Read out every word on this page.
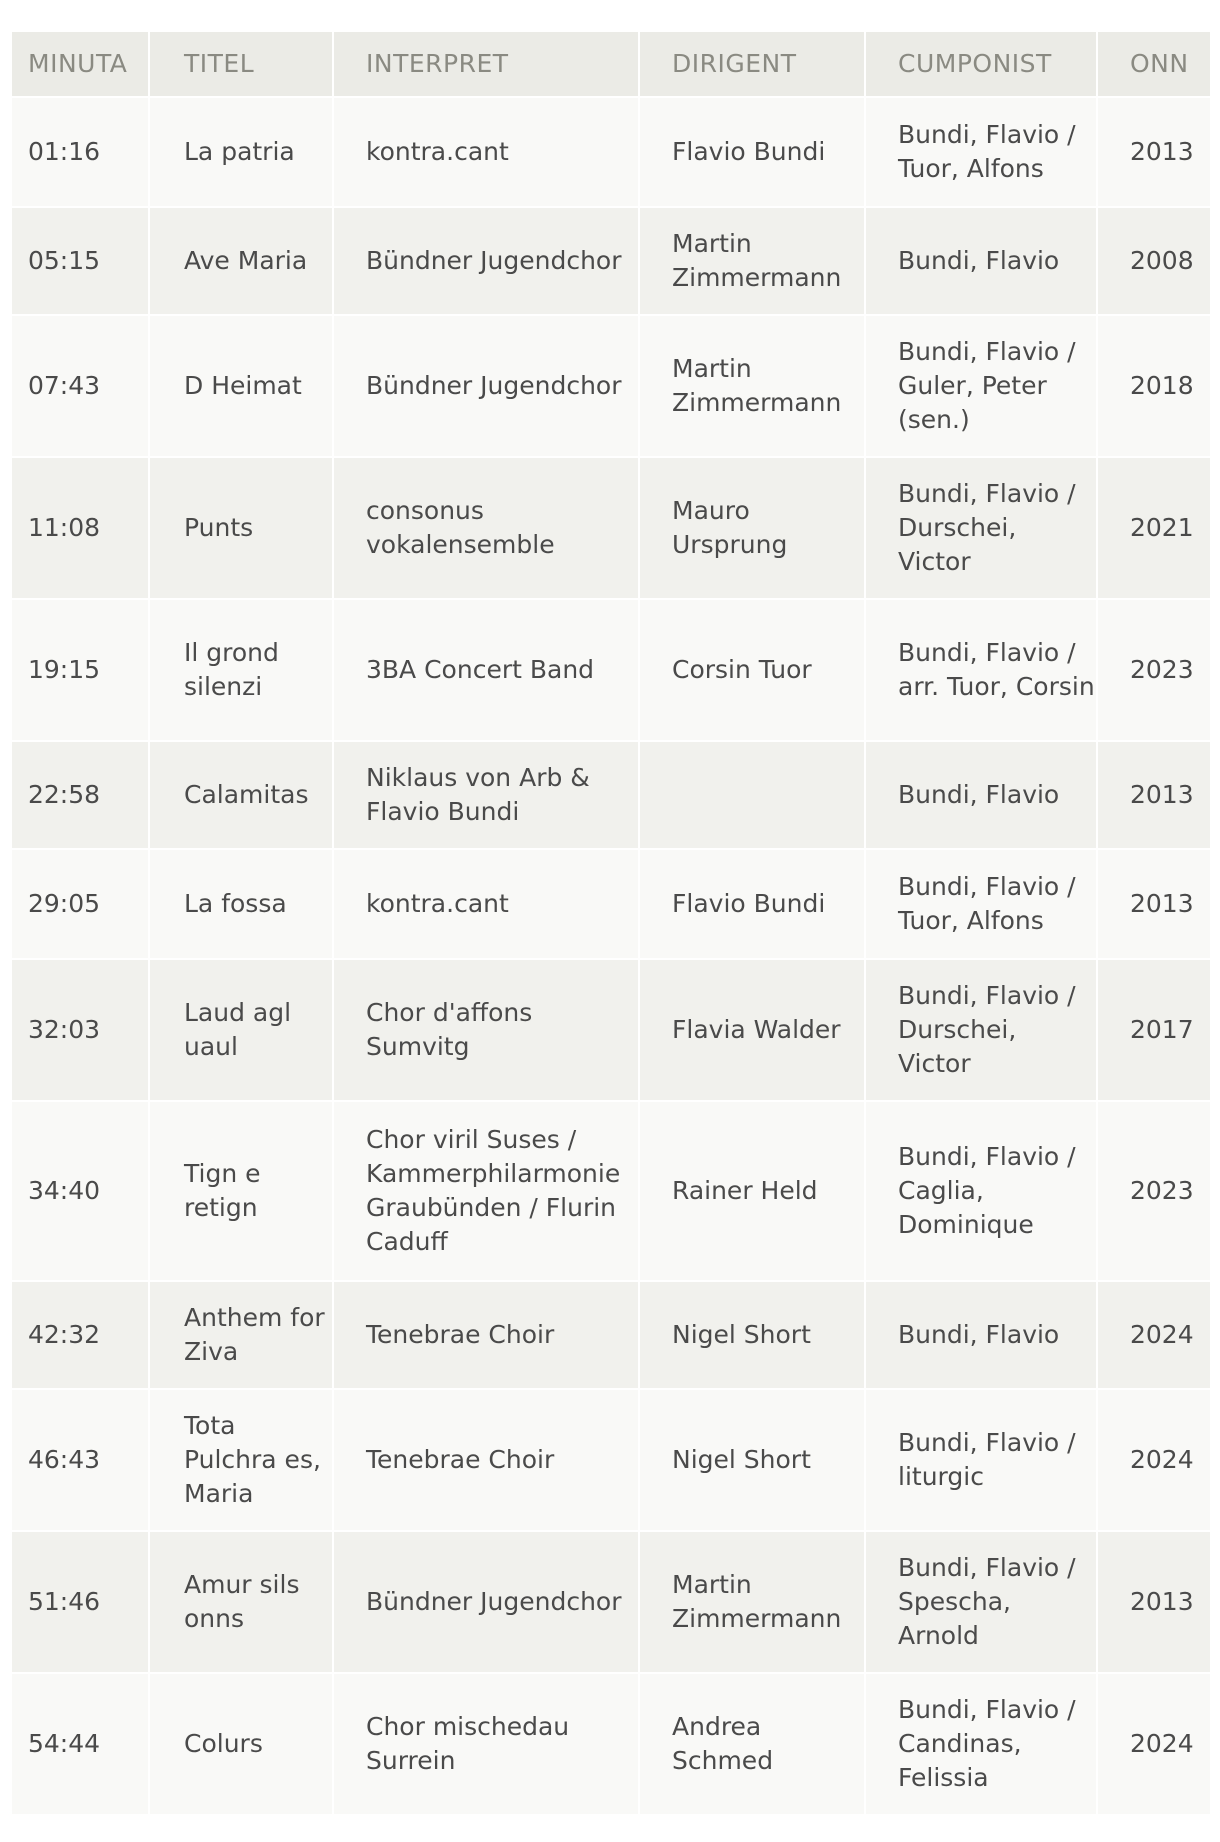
MINUTA	TITEL	INTERPRET	DIRIGENT	CUMPONIST	ONN
01:16	La patria	kontra.cant	Flavio Bundi	Bundi, Flavio / Tuor, Alfons	2013
05:15	Ave Maria	Bündner Jugendchor	Martin Zimmermann	Bundi, Flavio	2008
07:43	D Heimat	Bündner Jugendchor	Martin Zimmermann	Bundi, Flavio / Guler, Peter (sen.)	2018
11:08	Punts	consonus vokalensemble	Mauro Ursprung	Bundi, Flavio / Durschei, Victor	2021
19:15	Il grond silenzi	3BA Concert Band	Corsin Tuor	Bundi, Flavio / arr. Tuor, Corsin	2023
22:58	Calamitas	Niklaus von Arb & Flavio Bundi		Bundi, Flavio	2013
29:05	La fossa	kontra.cant	Flavio Bundi	Bundi, Flavio / Tuor, Alfons	2013
32:03	Laud agl uaul	Chor d'affons Sumvitg	Flavia Walder	Bundi, Flavio / Durschei, Victor	2017
34:40	Tign e retign	Chor viril Suses / Kammerphilarmonie Graubünden / Flurin Caduff	Rainer Held	Bundi, Flavio / Caglia, Dominique	2023
42:32	Anthem for Ziva	Tenebrae Choir	Nigel Short	Bundi, Flavio	2024
46:43	Tota Pulchra es, Maria	Tenebrae Choir	Nigel Short	Bundi, Flavio / liturgic	2024
51:46	Amur sils onns	Bündner Jugendchor	Martin Zimmermann	Bundi, Flavio / Spescha, Arnold	2013
54:44	Colurs	Chor mischedau Surrein	Andrea Schmed	Bundi, Flavio / Candinas, Felissia	2024
